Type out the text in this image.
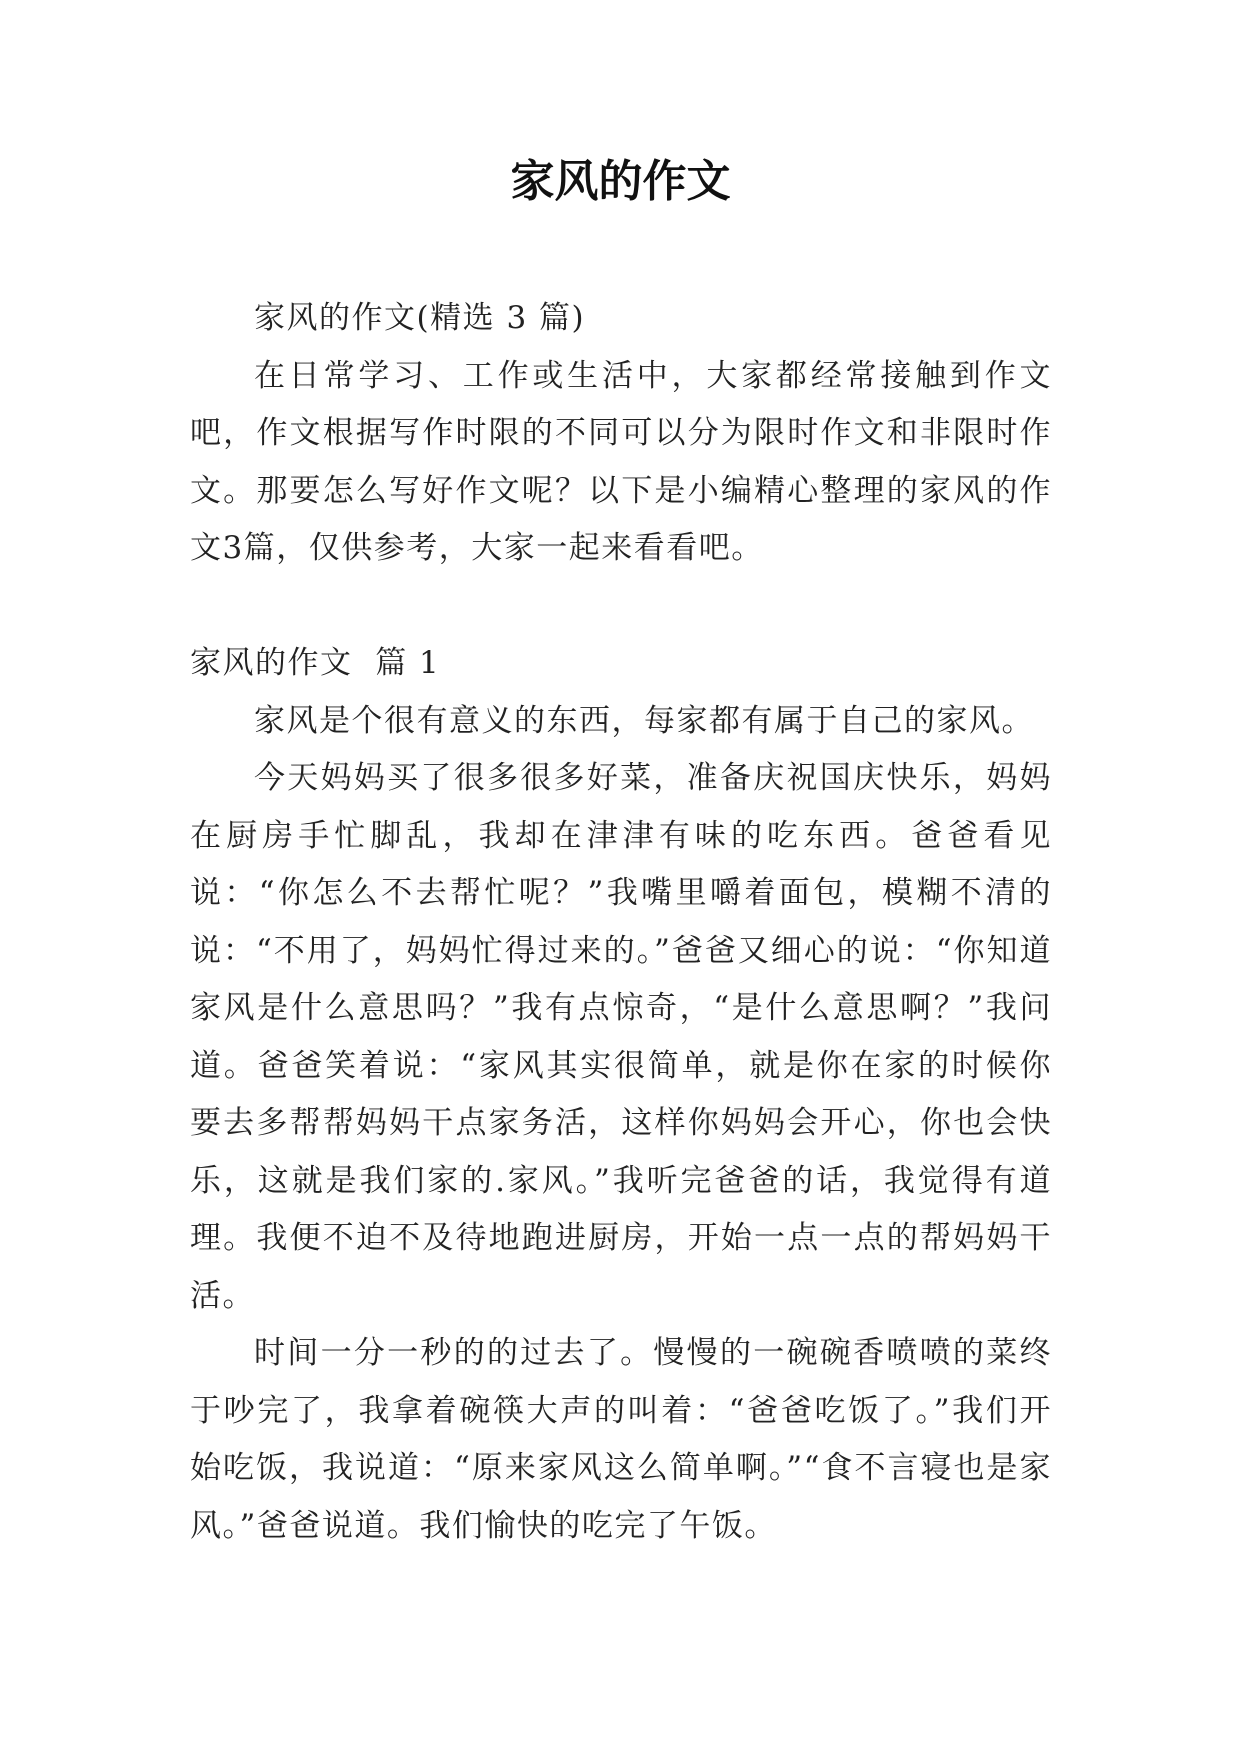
家风的作文

家风的作文(精选 3 篇)

在日常学习、工作或生活中，大家都经常接触到作文吧，作文根据写作时限的不同可以分为限时作文和非限时作文。那要怎么写好作文呢？以下是小编精心整理的家风的作文3篇，仅供参考，大家一起来看看吧。

家风的作文  篇 1

家风是个很有意义的东西，每家都有属于自己的家风。

今天妈妈买了很多很多好菜，准备庆祝国庆快乐，妈妈在厨房手忙脚乱，我却在津津有味的吃东西。爸爸看见说：“你怎么不去帮忙呢？”我嘴里嚼着面包，模糊不清的说：“不用了，妈妈忙得过来的。”爸爸又细心的说：“你知道家风是什么意思吗？”我有点惊奇，“是什么意思啊？”我问道。爸爸笑着说：“家风其实很简单，就是你在家的时候你要去多帮帮妈妈干点家务活，这样你妈妈会开心，你也会快乐，这就是我们家的.家风。”我听完爸爸的话，我觉得有道理。我便不迫不及待地跑进厨房，开始一点一点的帮妈妈干活。

时间一分一秒的的过去了。慢慢的一碗碗香喷喷的菜终于吵完了，我拿着碗筷大声的叫着：“爸爸吃饭了。”我们开始吃饭，我说道：“原来家风这么简单啊。”“食不言寝也是家风。”爸爸说道。我们愉快的吃完了午饭。
